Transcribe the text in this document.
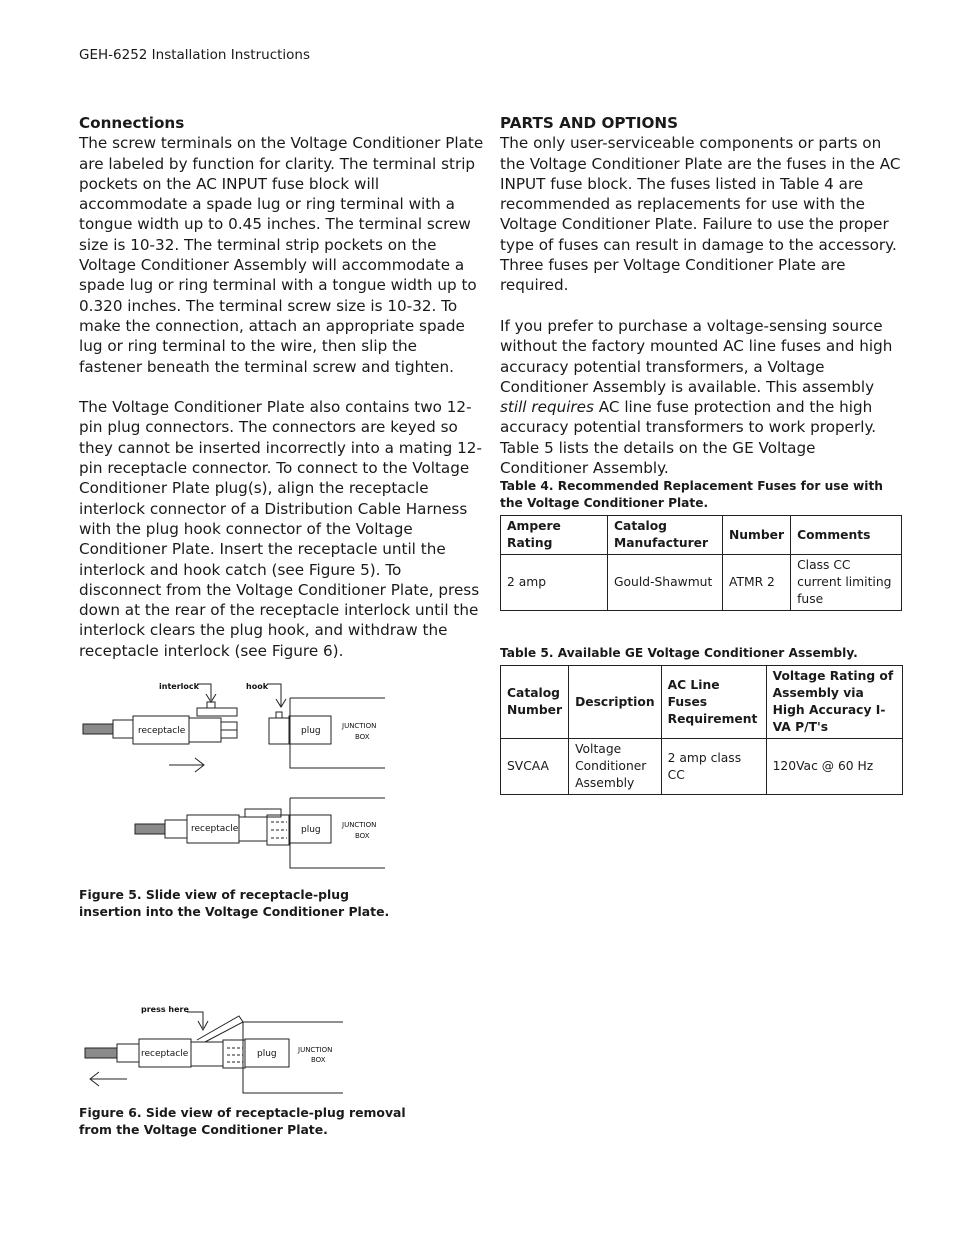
GEH-6252 Installation Instructions

Connections

The screw terminals on the Voltage Conditioner Plate are labeled by function for clarity. The terminal strip pockets on the AC INPUT fuse block will accommodate a spade lug or ring terminal with a tongue width up to 0.45 inches. The terminal screw size is 10-32. The terminal strip pockets on the Voltage Conditioner Assembly will accommodate a spade lug or ring terminal with a tongue width up to 0.320 inches. The terminal screw size is 10-32. To make the connection, attach an appropriate spade lug or ring terminal to the wire, then slip the fastener beneath the terminal screw and tighten.

The Voltage Conditioner Plate also contains two 12-pin plug connectors. The connectors are keyed so they cannot be inserted incorrectly into a mating 12-pin receptacle connector. To connect to the Voltage Conditioner Plate plug(s), align the receptacle interlock connector of a Distribution Cable Harness with the plug hook connector of the Voltage Conditioner Plate. Insert the receptacle until the interlock and hook catch (see Figure 5). To disconnect from the Voltage Conditioner Plate, press down at the rear of the receptacle interlock until the interlock clears the plug hook, and withdraw the receptacle interlock (see Figure 6).

PARTS AND OPTIONS

The only user-serviceable components or parts on the Voltage Conditioner Plate are the fuses in the AC INPUT fuse block. The fuses listed in Table 4 are recommended as replacements for use with the Voltage Conditioner Plate. Failure to use the proper type of fuses can result in damage to the accessory. Three fuses per Voltage Conditioner Plate are required.

If you prefer to purchase a voltage-sensing source without the factory mounted AC line fuses and high accuracy potential transformers, a Voltage Conditioner Assembly is available. This assembly still requires AC line fuse protection and the high accuracy potential transformers to work properly. Table 5 lists the details on the GE Voltage Conditioner Assembly.

Table 4. Recommended Replacement Fuses for use with the Voltage Conditioner Plate.
Ampere Rating	Catalog Manufacturer	Number	Comments
2 amp	Gould-Shawmut	ATMR 2	Class CC current limiting fuse
Table 5. Available GE Voltage Conditioner Assembly.
Catalog Number	Description	AC Line Fuses Requirement	Voltage Rating of Assembly via High Accuracy I-VA P/T's
SVCAA	Voltage Conditioner Assembly	2 amp class CC	120Vac @ 60 Hz
interlock	hook
receptacle	plug	JUNCTION
BOX
receptacle	plug	JUNCTION
BOX
Figure 5. Slide view of receptacle-plug insertion into the Voltage Conditioner Plate.
press here
receptacle	plug	JUNCTION
BOX
Figure 6. Side view of receptacle-plug removal from the Voltage Conditioner Plate.
